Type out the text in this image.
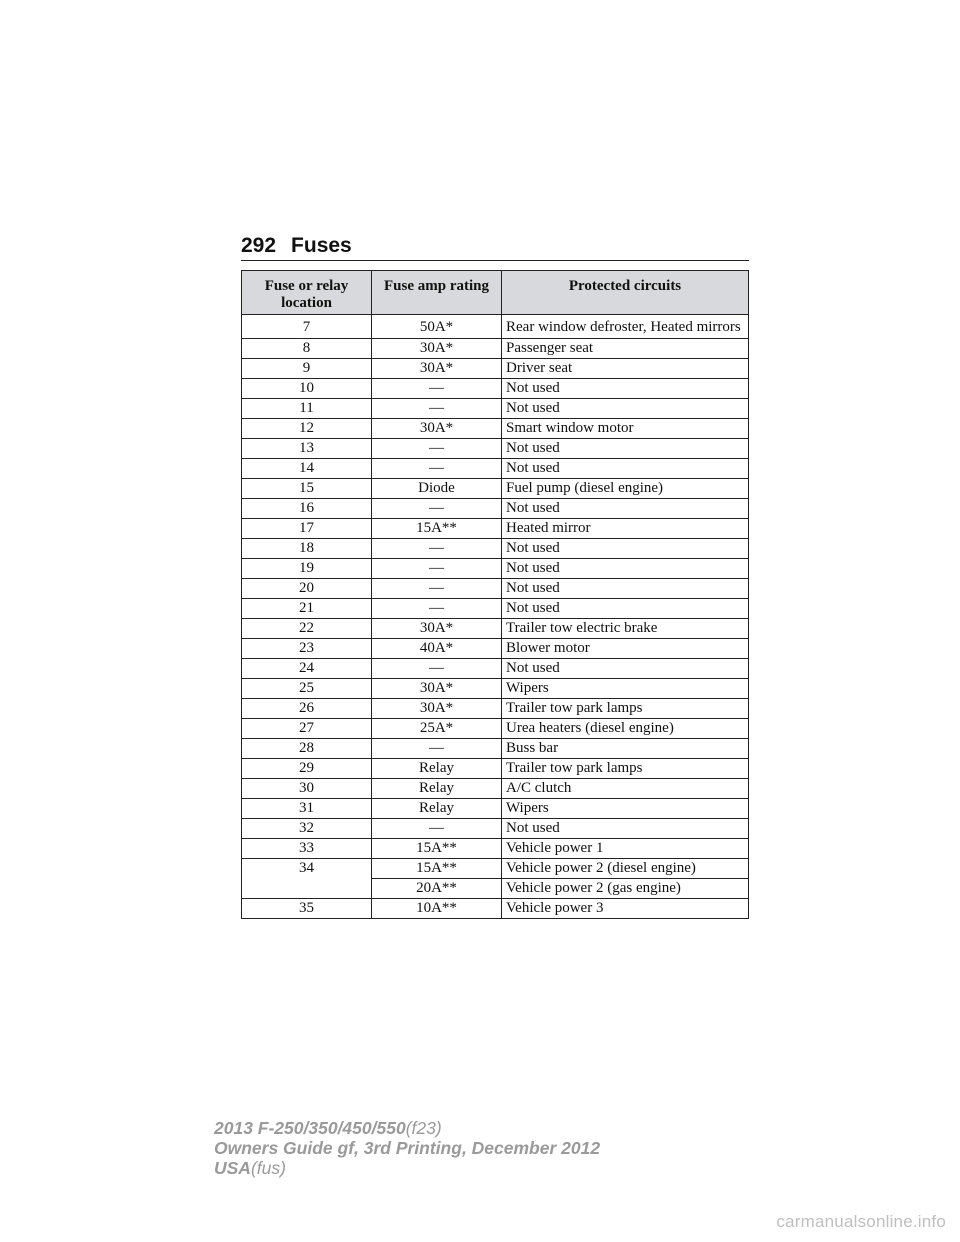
292 Fuses
Fuse or relay location	Fuse amp rating	Protected circuits
7	50A*	Rear window defroster, Heated mirrors
8	30A*	Passenger seat
9	30A*	Driver seat
10	—	Not used
11	—	Not used
12	30A*	Smart window motor
13	—	Not used
14	—	Not used
15	Diode	Fuel pump (diesel engine)
16	—	Not used
17	15A**	Heated mirror
18	—	Not used
19	—	Not used
20	—	Not used
21	—	Not used
22	30A*	Trailer tow electric brake
23	40A*	Blower motor
24	—	Not used
25	30A*	Wipers
26	30A*	Trailer tow park lamps
27	25A*	Urea heaters (diesel engine)
28	—	Buss bar
29	Relay	Trailer tow park lamps
30	Relay	A/C clutch
31	Relay	Wipers
32	—	Not used
33	15A**	Vehicle power 1
34	15A**	Vehicle power 2 (diesel engine)
	20A**	Vehicle power 2 (gas engine)
35	10A**	Vehicle power 3
2013 F-250/350/450/550(f23)
Owners Guide gf, 3rd Printing, December 2012
USA(fus)
carmanualsonline.info
